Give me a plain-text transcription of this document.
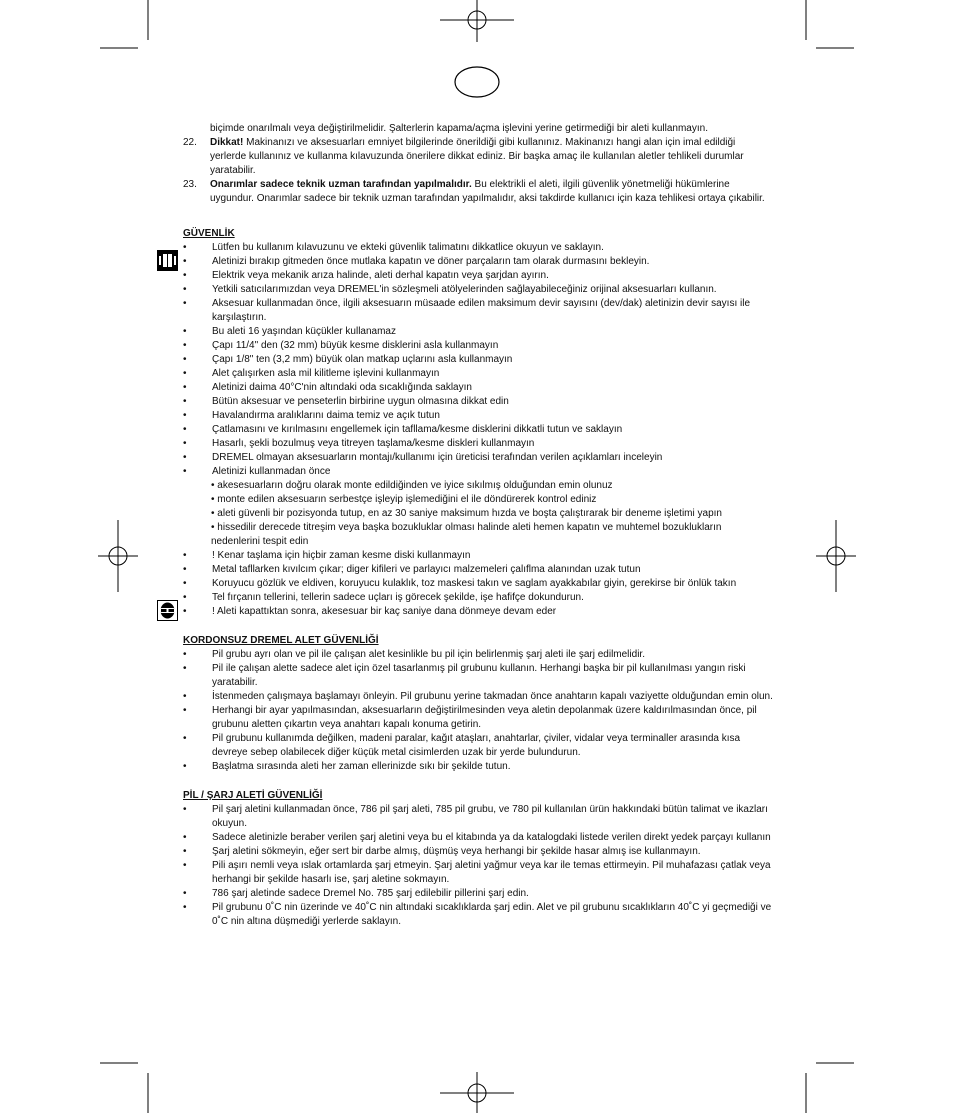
biçimde onarılmalı veya değiştirilmelidir. Şalterlerin kapama/açma işlevini yerine getirmediği bir aleti kullanmayın.
22. Dikkat! Makinanızı ve aksesuarları emniyet bilgilerinde önerildiği gibi kullanınız. Makinanızı hangi alan için imal edildiği yerlerde kullanınız ve kullanma kılavuzunda önerilere dikkat ediniz. Bir başka amaç ile kullanılan aletler tehlikeli durumlar yaratabilir.
23. Onarımlar sadece teknik uzman tarafından yapılmalıdır. Bu elektrikli el aleti, ilgili güvenlik yönetmeliği hükümlerine uygundur. Onarımlar sadece bir teknik uzman tarafından yapılmalıdır, aksi takdirde kullanıcı için kaza tehlikesi ortaya çıkabilir.
GÜVENLİK
•	Lütfen bu kullanım kılavuzunu ve ekteki güvenlik talimatını dikkatlice okuyun ve saklayın.
•	Aletinizi bırakıp gitmeden önce mutlaka kapatın ve döner parçaların tam olarak durmasını bekleyin.
•	Elektrik veya mekanik arıza halinde, aleti derhal kapatın veya şarjdan ayırın.
•	Yetkili satıcılarımızdan veya DREMEL'in sözleşmeli atölyelerinden sağlayabileceğiniz orijinal aksesuarları kullanın.
•	Aksesuar kullanmadan önce, ilgili aksesuarın müsaade edilen maksimum devir sayısını (dev/dak) aletinizin devir sayısı ile karşılaştırın.
•	Bu aleti 16 yaşından küçükler kullanamaz
•	Çapı 11/4" den (32 mm) büyük kesme disklerini asla kullanmayın
•	Çapı 1/8" ten (3,2 mm) büyük olan matkap uçlarını asla kullanmayın
•	Alet çalışırken asla mil kilitleme işlevini kullanmayın
•	Aletinizi daima 40°C'nin altındaki oda sıcaklığında saklayın
•	Bütün aksesuar ve penseterlin birbirine uygun olmasına dikkat edin
•	Havalandırma aralıklarını daima temiz ve açık tutun
•	Çatlamasını ve kırılmasını engellemek için tafllama/kesme disklerini dikkatli tutun ve saklayın
•	Hasarlı, şekli bozulmuş veya titreyen taşlama/kesme diskleri kullanmayın
•	DREMEL olmayan aksesuarların montajı/kullanımı için üreticisi terafından verilen açıklamları inceleyin
•	Aletinizi kullanmadan önce
• akesesuarların doğru olarak monte edildiğinden ve iyice sıkılmış olduğundan emin olunuz
• monte edilen aksesuarın serbestçe işleyip işlemediğini el ile döndürerek kontrol ediniz
• aleti güvenli bir pozisyonda tutup, en az 30 saniye maksimum hızda ve boşta çalıştırarak bir deneme işletimi yapın
• hissedilir derecede titreşim veya başka bozukluklar olması halinde aleti hemen kapatın ve muhtemel bozuklukların nedenlerini tespit edin
•	! Kenar taşlama için hiçbir zaman kesme diski kullanmayın
•	Metal tafllarken kıvılcım çıkar; diger kifileri ve parlayıcı malzemeleri çalıflma alanından uzak tutun
•	Koruyucu gözlük ve eldiven, koruyucu kulaklık, toz maskesi takın ve saglam ayakkabılar giyin, gerekirse bir önlük takın
•	Tel fırçanın tellerini, tellerin sadece uçları iş görecek şekilde, işe hafifçe dokundurun.
•	! Aleti kapattıktan sonra, akesesuar bir kaç saniye dana dönmeye devam eder
KORDONSUZ DREMEL ALET GÜVENLİĞİ
•	Pil grubu ayrı olan ve pil ile çalışan alet kesinlikle bu pil için belirlenmiş şarj aleti ile şarj edilmelidir.
•	Pil ile çalışan alette sadece alet için özel tasarlanmış pil grubunu kullanın. Herhangi başka bir pil kullanılması yangın riski yaratabilir.
•	İstenmeden çalışmaya başlamayı önleyin. Pil grubunu yerine takmadan önce anahtarın kapalı vaziyette olduğundan emin olun.
•	Herhangi bir ayar yapılmasından, aksesuarların değiştirilmesinden veya aletin depolanmak üzere kaldırılmasından önce, pil grubunu aletten çıkartın veya anahtarı kapalı konuma getirin.
•	Pil grubunu kullanımda değilken, madeni paralar, kağıt ataşları, anahtarlar, çiviler, vidalar veya terminaller arasında kısa devreye sebep olabilecek diğer küçük metal cisimlerden uzak bir yerde bulundurun.
•	Başlatma sırasında aleti her zaman ellerinizde sıkı bir şekilde tutun.
PİL / ŞARJ ALETİ GÜVENLİĞİ
•	Pil şarj aletini kullanmadan önce, 786 pil şarj aleti, 785 pil grubu, ve 780 pil kullanılan ürün hakkındaki bütün talimat ve ikazları okuyun.
•	Sadece aletinizle beraber verilen şarj aletini veya bu el kitabında ya da katalogdaki listede verilen direkt yedek parçayı kullanın
•	Şarj aletini sökmeyin, eğer sert bir darbe almış, düşmüş veya herhangi bir şekilde hasar almış ise kullanmayın.
•	Pili aşırı nemli veya ıslak ortamlarda şarj etmeyin. Şarj aletini yağmur veya kar ile temas ettirmeyin. Pil muhafazası çatlak veya herhangi bir şekilde hasarlı ise, şarj aletine sokmayın.
•	786 şarj aletinde sadece Dremel No. 785 şarj edilebilir pillerini şarj edin.
•	Pil grubunu 0˚C nin üzerinde ve 40˚C nin altındaki sıcaklıklarda şarj edin. Alet ve pil grubunu sıcaklıkların 40˚C yi geçmediği ve 0˚C nin altına düşmediği yerlerde saklayın.
